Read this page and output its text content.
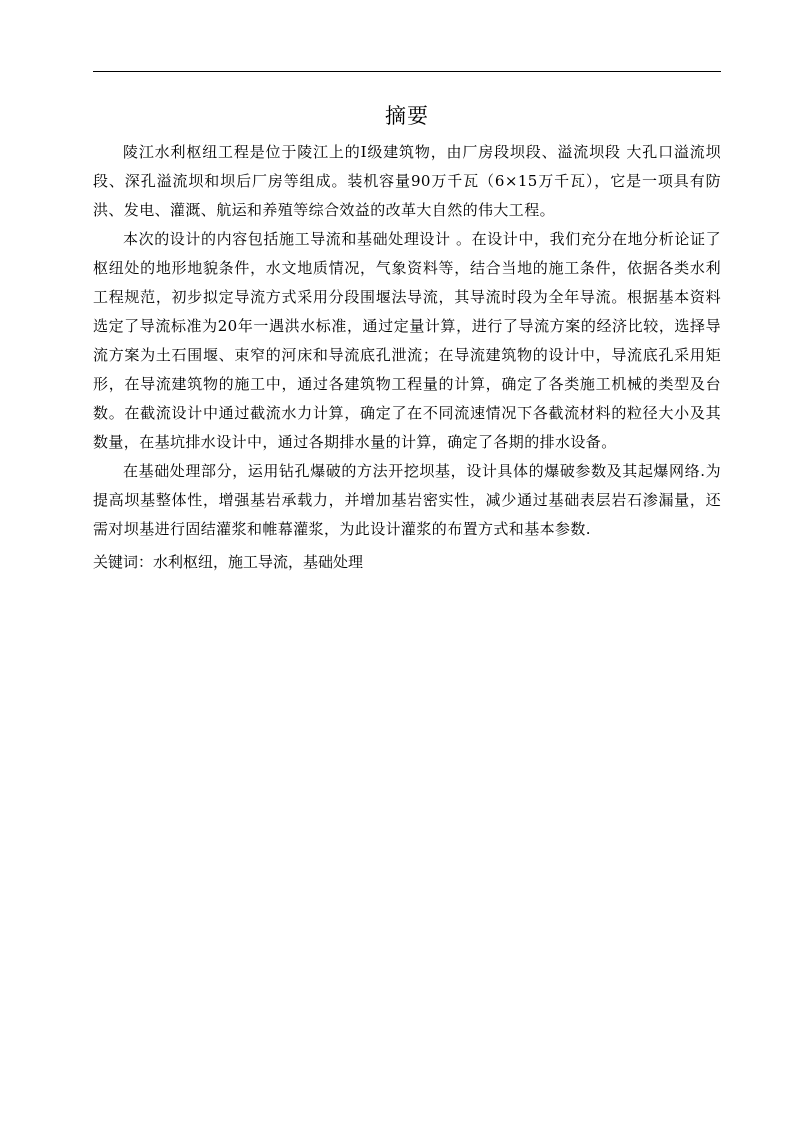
摘要

陵江水利枢纽工程是位于陵江上的Ⅰ级建筑物，由厂房段坝段、溢流坝段 大孔口溢流坝段、深孔溢流坝和坝后厂房等组成。装机容量90万千瓦（6×15万千瓦），它是一项具有防洪、发电、灌溉、航运和养殖等综合效益的改革大自然的伟大工程。

本次的设计的内容包括施工导流和基础处理设计 。在设计中，我们充分在地分析论证了枢纽处的地形地貌条件，水文地质情况，气象资料等，结合当地的施工条件，依据各类水利工程规范，初步拟定导流方式采用分段围堰法导流，其导流时段为全年导流。根据基本资料选定了导流标准为20年一遇洪水标准，通过定量计算，进行了导流方案的经济比较，选择导流方案为土石围堰、束窄的河床和导流底孔泄流；在导流建筑物的设计中，导流底孔采用矩形，在导流建筑物的施工中，通过各建筑物工程量的计算，确定了各类施工机械的类型及台数。在截流设计中通过截流水力计算，确定了在不同流速情况下各截流材料的粒径大小及其数量，在基坑排水设计中，通过各期排水量的计算，确定了各期的排水设备。

在基础处理部分，运用钻孔爆破的方法开挖坝基，设计具体的爆破参数及其起爆网络.为提高坝基整体性，增强基岩承载力，并增加基岩密实性，减少通过基础表层岩石渗漏量，还需对坝基进行固结灌浆和帷幕灌浆，为此设计灌浆的布置方式和基本参数.

关键词：水利枢纽，施工导流，基础处理
